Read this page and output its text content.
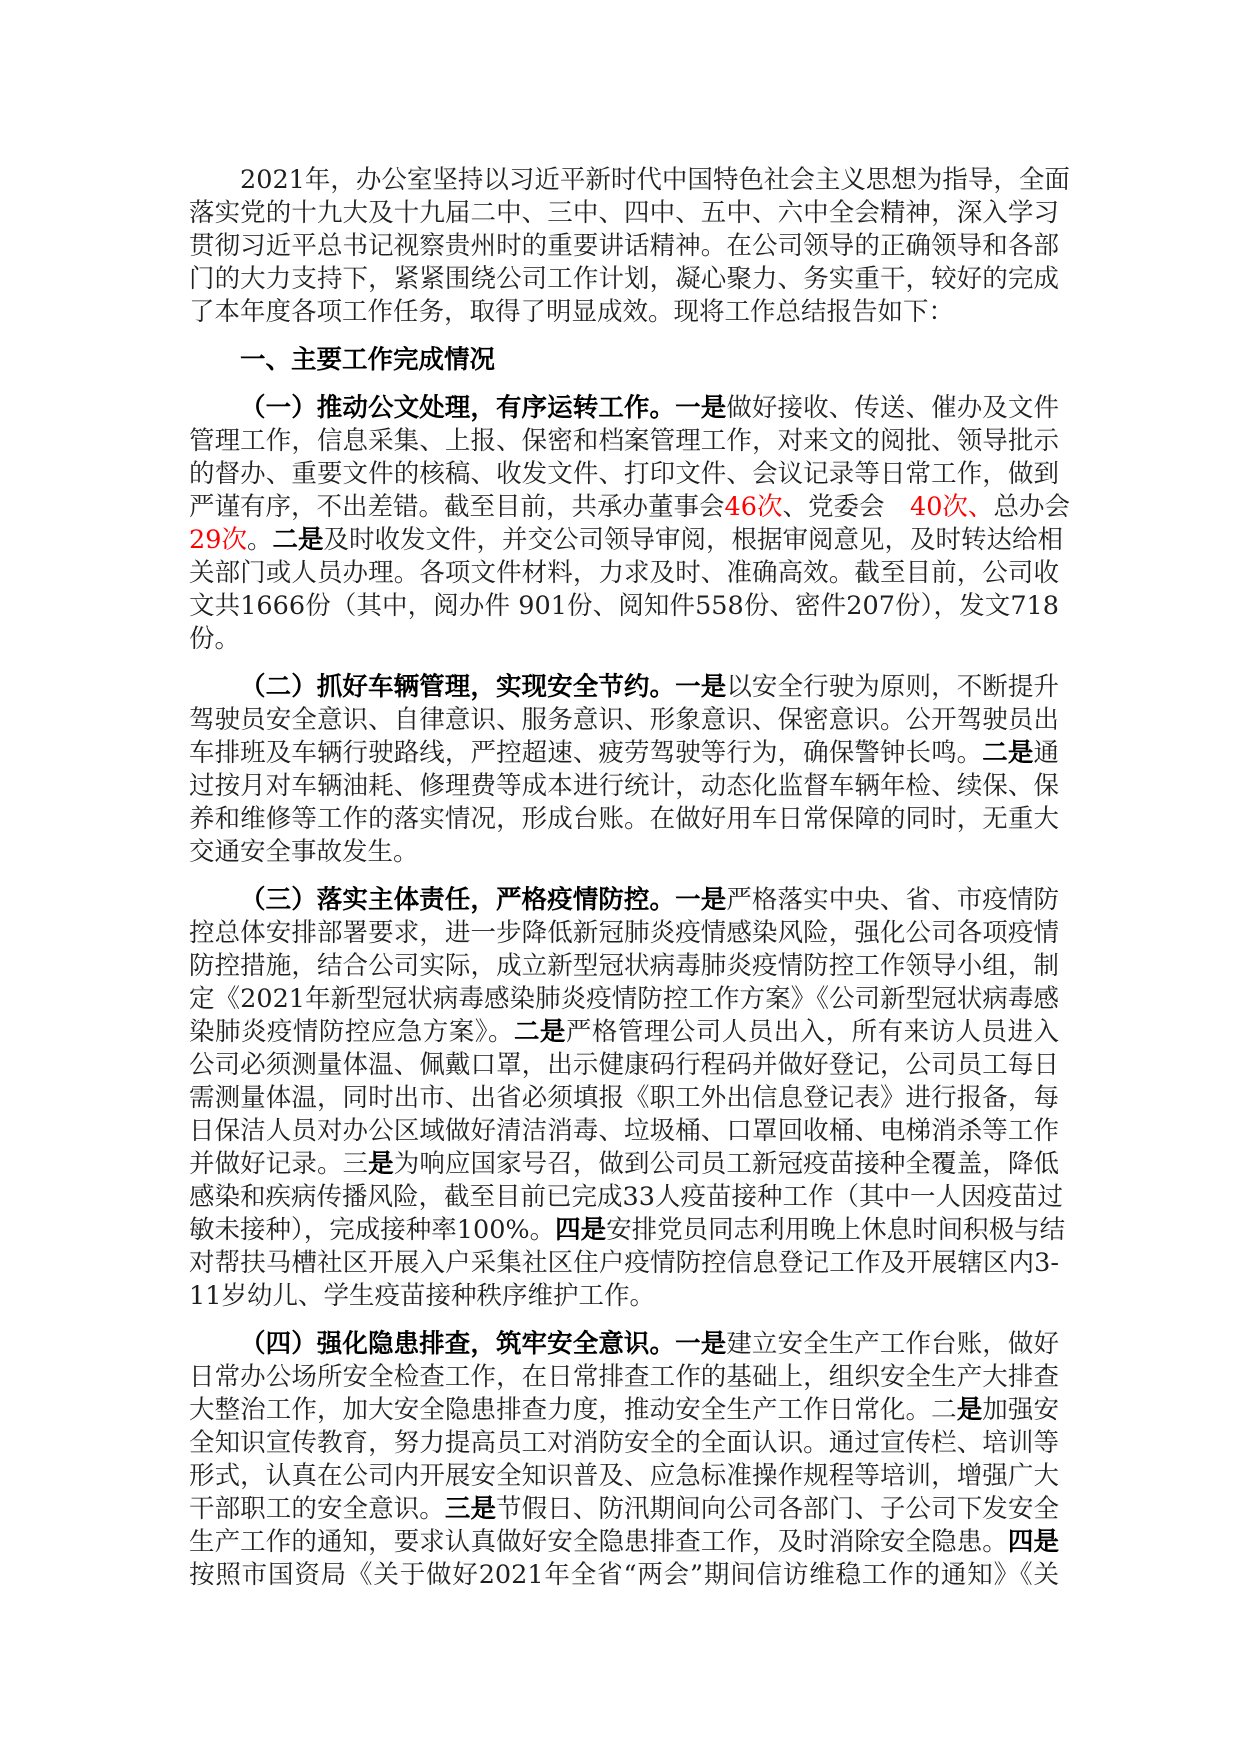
2021年，办公室坚持以习近平新时代中国特色社会主义思想为指导，全面
落实党的十九大及十九届二中、三中、四中、五中、六中全会精神，深入学习
贯彻习近平总书记视察贵州时的重要讲话精神。在公司领导的正确领导和各部
门的大力支持下，紧紧围绕公司工作计划，凝心聚力、务实重干，较好的完成
了本年度各项工作任务，取得了明显成效。现将工作总结报告如下：
一、主要工作完成情况
（一）推动公文处理，有序运转工作。一是做好接收、传送、催办及文件
管理工作，信息采集、上报、保密和档案管理工作，对来文的阅批、领导批示
的督办、重要文件的核稿、收发文件、打印文件、会议记录等日常工作，做到
严谨有序，不出差错。截至目前，共承办董事会46次、党委会　40次、总办会
29次。二是及时收发文件，并交公司领导审阅，根据审阅意见，及时转达给相
关部门或人员办理。各项文件材料，力求及时、准确高效。截至目前，公司收
文共1666份（其中，阅办件 901份、阅知件558份、密件207份），发文718
份。
（二）抓好车辆管理，实现安全节约。一是以安全行驶为原则，不断提升
驾驶员安全意识、自律意识、服务意识、形象意识、保密意识。公开驾驶员出
车排班及车辆行驶路线，严控超速、疲劳驾驶等行为，确保警钟长鸣。二是通
过按月对车辆油耗、修理费等成本进行统计，动态化监督车辆年检、续保、保
养和维修等工作的落实情况，形成台账。在做好用车日常保障的同时，无重大
交通安全事故发生。
（三）落实主体责任，严格疫情防控。一是严格落实中央、省、市疫情防
控总体安排部署要求，进一步降低新冠肺炎疫情感染风险，强化公司各项疫情
防控措施，结合公司实际，成立新型冠状病毒肺炎疫情防控工作领导小组，制
定《2021年新型冠状病毒感染肺炎疫情防控工作方案》《公司新型冠状病毒感
染肺炎疫情防控应急方案》。二是严格管理公司人员出入，所有来访人员进入
公司必须测量体温、佩戴口罩，出示健康码行程码并做好登记，公司员工每日
需测量体温，同时出市、出省必须填报《职工外出信息登记表》进行报备，每
日保洁人员对办公区域做好清洁消毒、垃圾桶、口罩回收桶、电梯消杀等工作
并做好记录。三是为响应国家号召，做到公司员工新冠疫苗接种全覆盖，降低
感染和疾病传播风险，截至目前已完成33人疫苗接种工作（其中一人因疫苗过
敏未接种），完成接种率100%。四是安排党员同志利用晚上休息时间积极与结
对帮扶马槽社区开展入户采集社区住户疫情防控信息登记工作及开展辖区内3-
11岁幼儿、学生疫苗接种秩序维护工作。
（四）强化隐患排查，筑牢安全意识。一是建立安全生产工作台账，做好
日常办公场所安全检查工作，在日常排查工作的基础上，组织安全生产大排查
大整治工作，加大安全隐患排查力度，推动安全生产工作日常化。二是加强安
全知识宣传教育，努力提高员工对消防安全的全面认识。通过宣传栏、培训等
形式，认真在公司内开展安全知识普及、应急标准操作规程等培训，增强广大
干部职工的安全意识。三是节假日、防汛期间向公司各部门、子公司下发安全
生产工作的通知，要求认真做好安全隐患排查工作，及时消除安全隐患。四是
按照市国资局《关于做好2021年全省“两会”期间信访维稳工作的通知》《关
